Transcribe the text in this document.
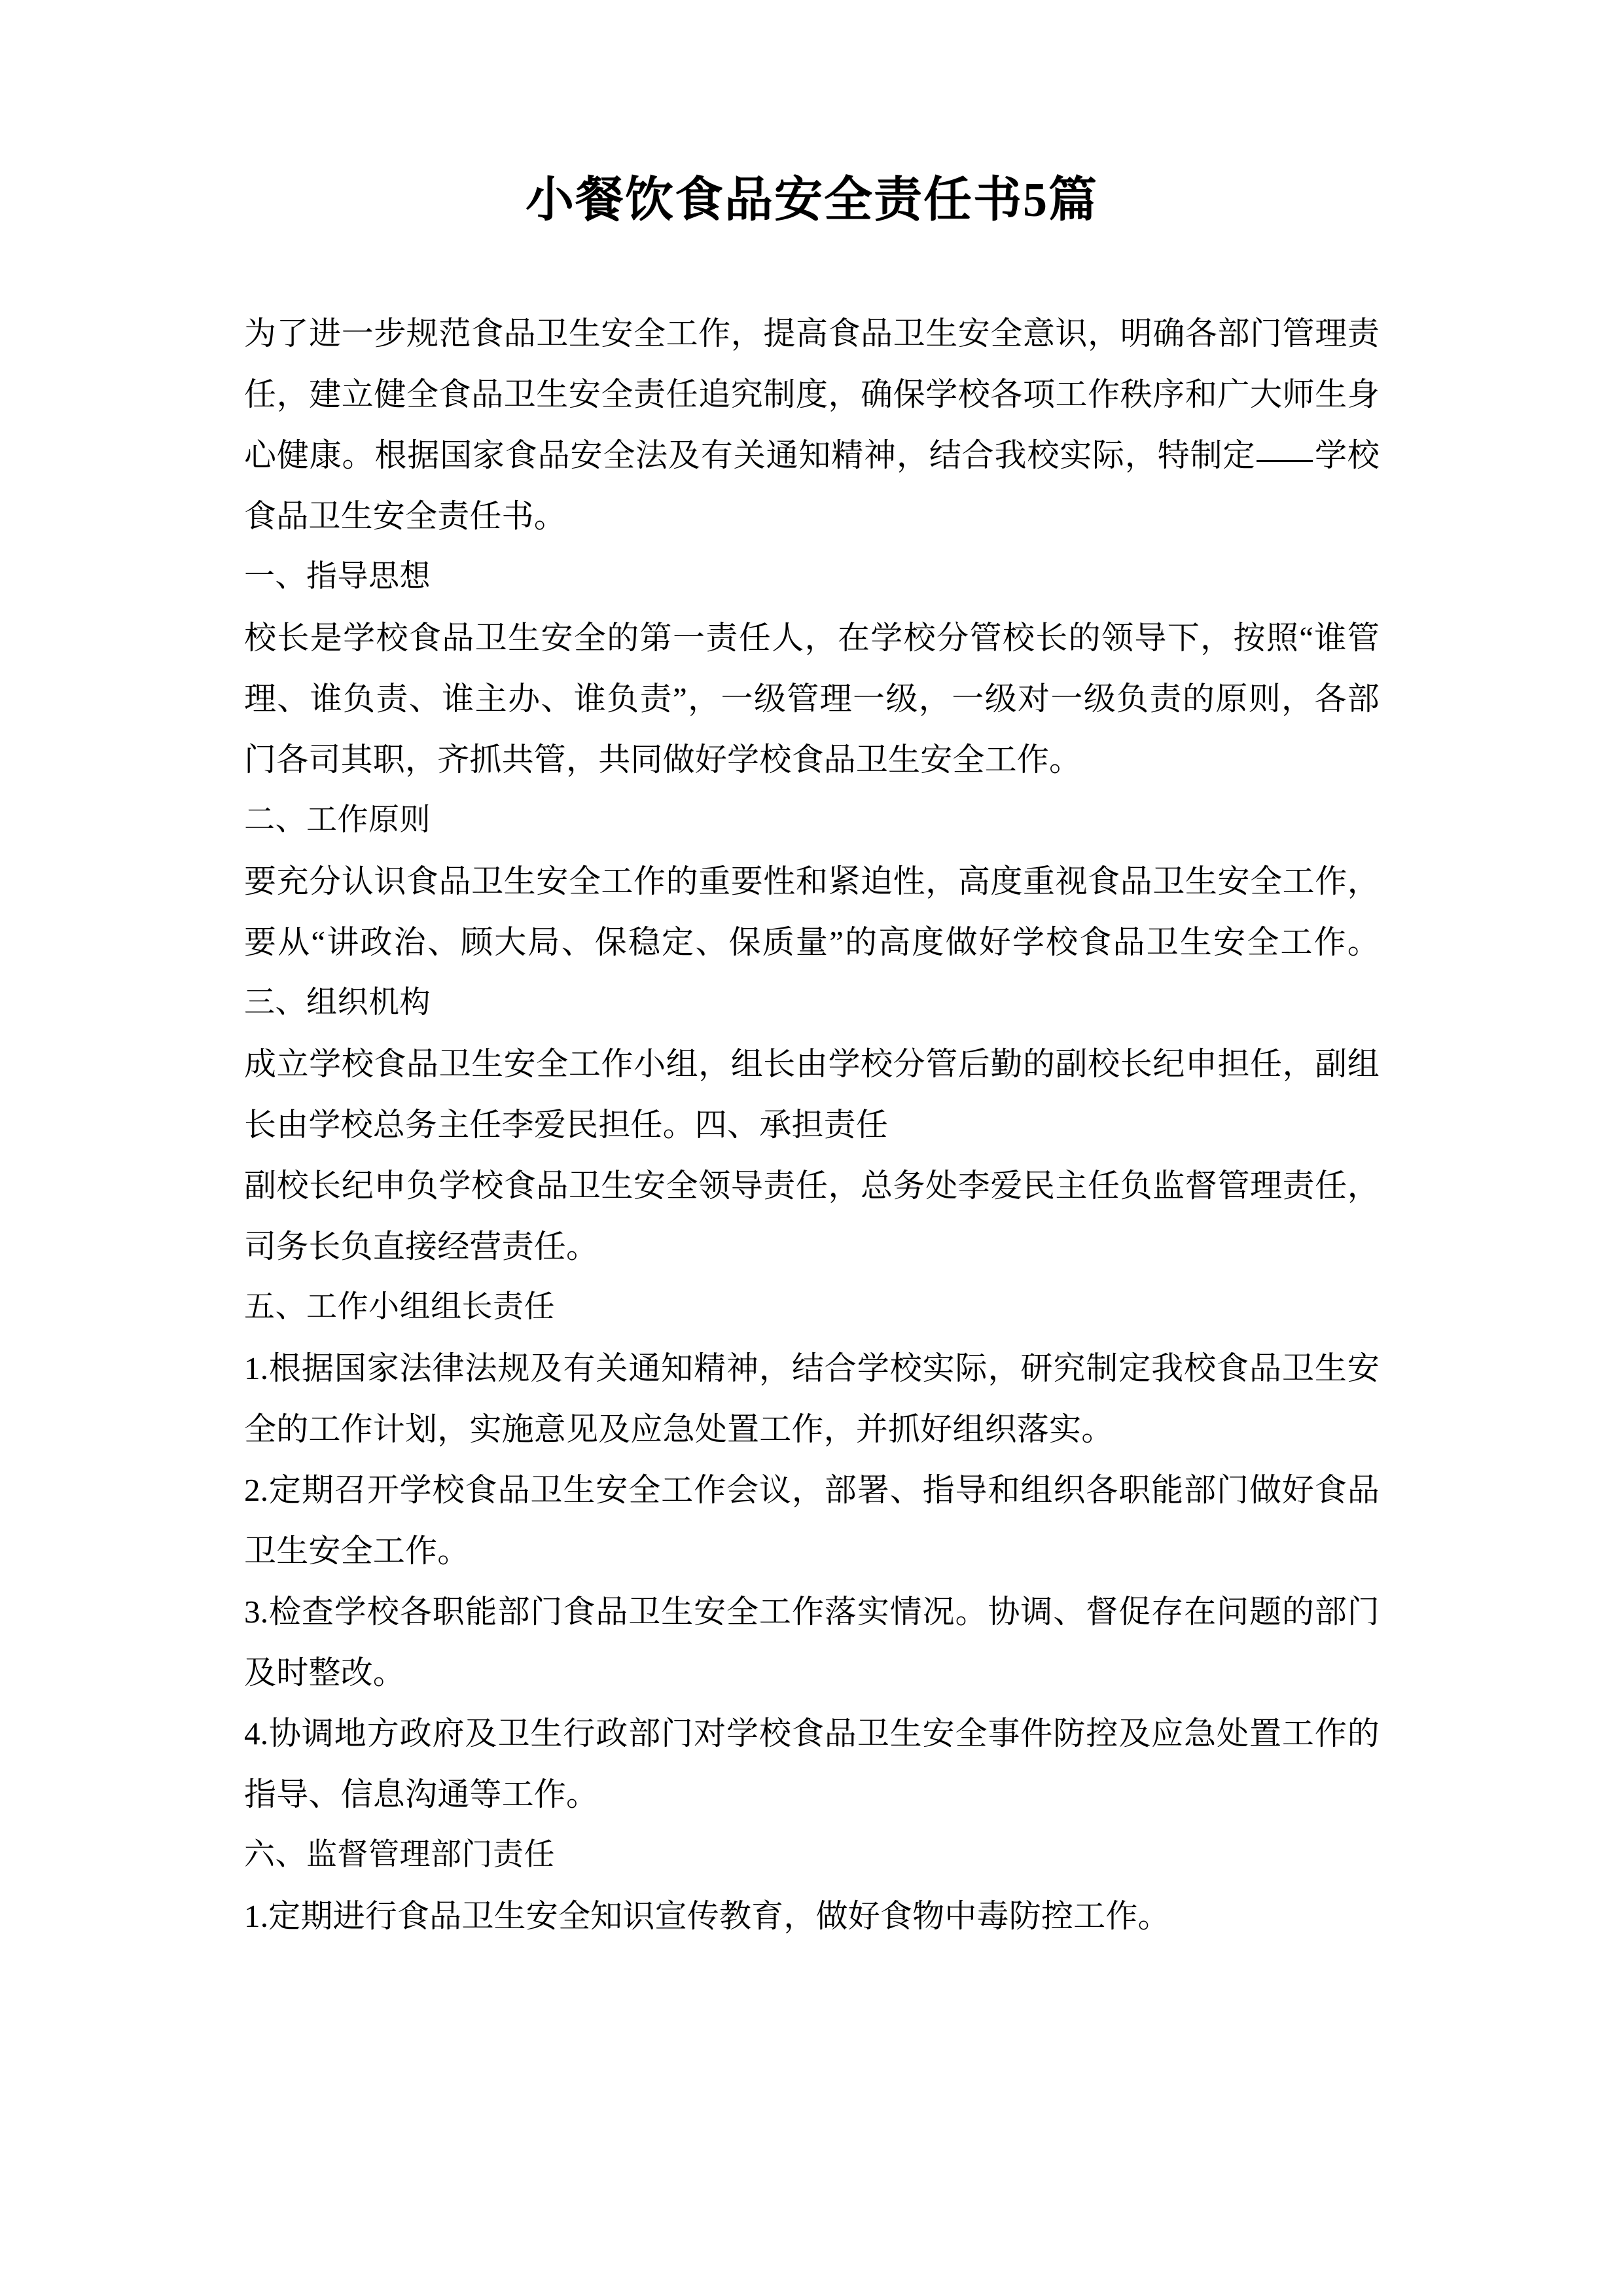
小餐饮食品安全责任书5篇

为了进一步规范食品卫生安全工作，提高食品卫生安全意识，明确各部门管理责任，建立健全食品卫生安全责任追究制度，确保学校各项工作秩序和广大师生身心健康。根据国家食品安全法及有关通知精神，结合我校实际，特制定 学校食品卫生安全责任书。

一、指导思想

校长是学校食品卫生安全的第一责任人，在学校分管校长的领导下，按照“谁管理、谁负责、谁主办、谁负责”，一级管理一级，一级对一级负责的原则，各部门各司其职，齐抓共管，共同做好学校食品卫生安全工作。

二、工作原则

要充分认识食品卫生安全工作的重要性和紧迫性，高度重视食品卫生安全工作，要从“讲政治、顾大局、保稳定、保质量”的高度做好学校食品卫生安全工作。

三、组织机构

成立学校食品卫生安全工作小组，组长由学校分管后勤的副校长纪申担任，副组长由学校总务主任李爱民担任。四、承担责任

副校长纪申负学校食品卫生安全领导责任，总务处李爱民主任负监督管理责任，司务长负直接经营责任。

五、工作小组组长责任

1.根据国家法律法规及有关通知精神，结合学校实际，研究制定我校食品卫生安全的工作计划，实施意见及应急处置工作，并抓好组织落实。

2.定期召开学校食品卫生安全工作会议，部署、指导和组织各职能部门做好食品卫生安全工作。

3.检查学校各职能部门食品卫生安全工作落实情况。协调、督促存在问题的部门及时整改。

4.协调地方政府及卫生行政部门对学校食品卫生安全事件防控及应急处置工作的指导、信息沟通等工作。

六、监督管理部门责任

1.定期进行食品卫生安全知识宣传教育，做好食物中毒防控工作。
